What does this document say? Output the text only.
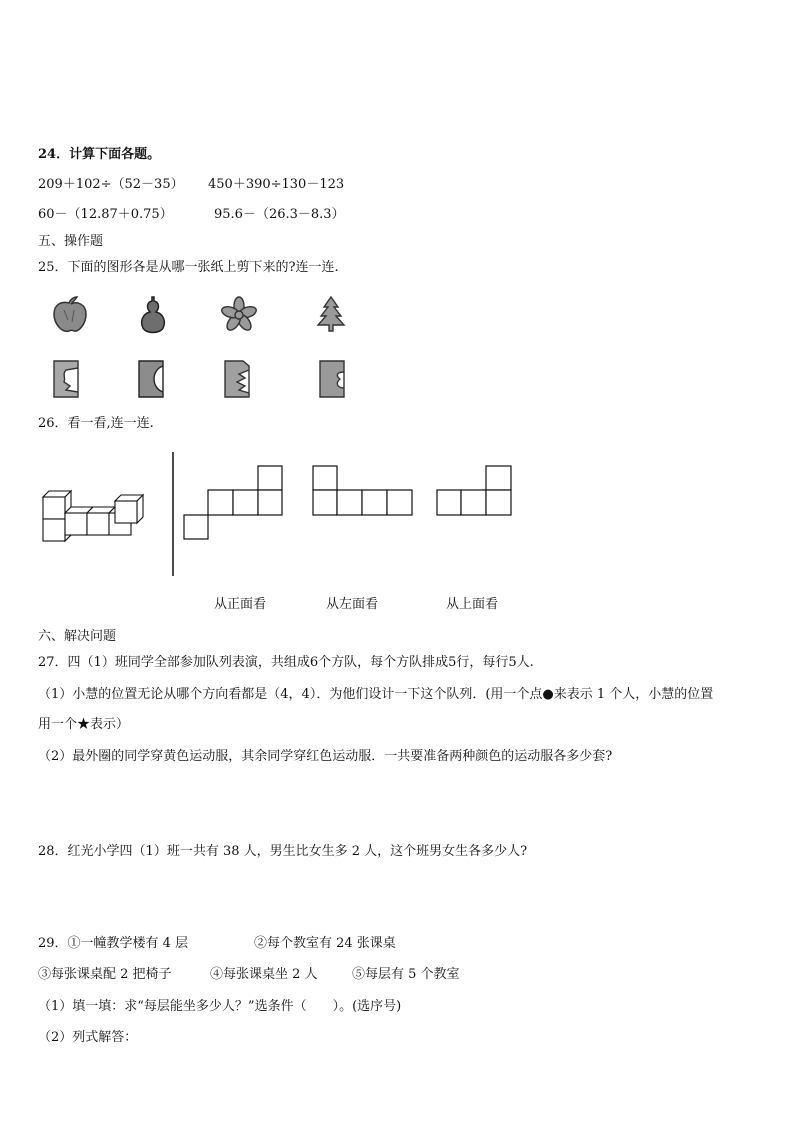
24．计算下面各题。
209＋102÷（52－35） 450＋390÷130－123
60－（12.87＋0.75）	95.6－（26.3－8.3）
五、操作题
25．下面的图形各是从哪一张纸上剪下来的?连一连.
26．看一看,连一连.
从正面看	从左面看	从上面看
六、解决问题
27．四（1）班同学全部参加队列表演，共组成6个方队，每个方队排成5行，每行5人.
（1）小慧的位置无论从哪个方向看都是（4，4）．为他们设计一下这个队列．(用一个点●来表示 1 个人，小慧的位置
用一个★表示）
（2）最外圈的同学穿黄色运动服，其余同学穿红色运动服．一共要准备两种颜色的运动服各多少套?
28．红光小学四（1）班一共有 38 人，男生比女生多 2 人，这个班男女生各多少人?
29．①一幢教学楼有 4 层	②每个教室有 24 张课桌
③每张课桌配 2 把椅子	④每张课桌坐 2 人	⑤每层有 5 个教室
（1）填一填：求“每层能坐多少人？”选条件（　　）。(选序号)
（2）列式解答：
